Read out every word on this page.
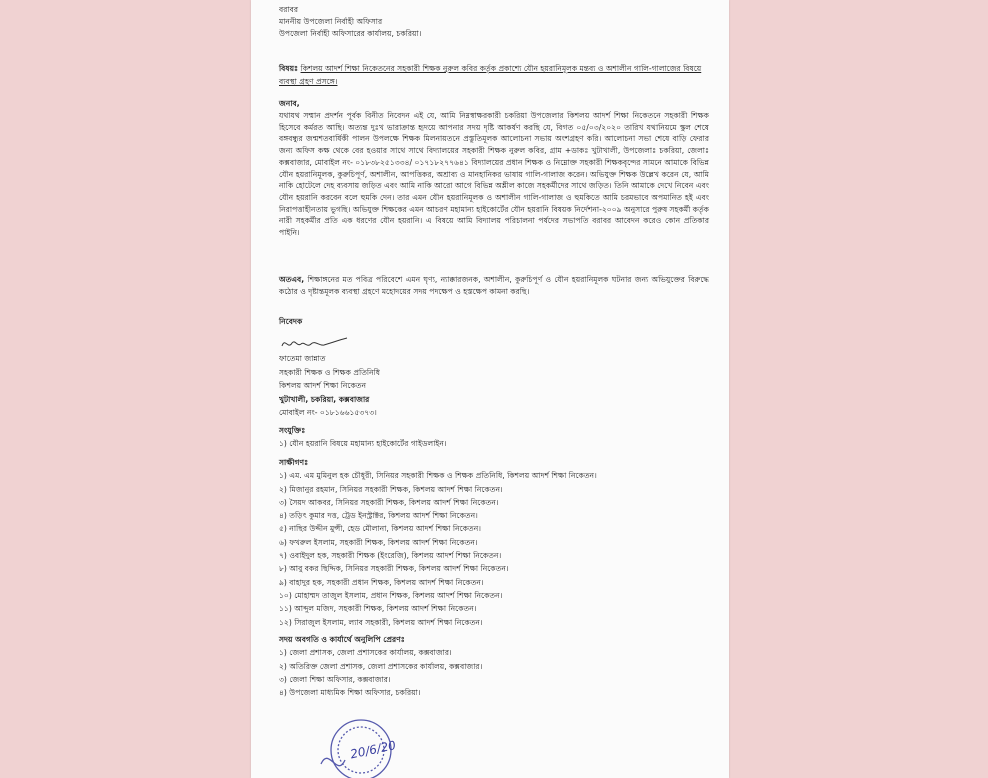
বরাবর
মাননীয় উপজেলা নির্বাহী অফিসার
উপজেলা নির্বাহী অফিসারের কার্যালয়, চকরিয়া।
বিষয়ঃ কিশলয় আদর্শ শিক্ষা নিকেতনের সহকারী শিক্ষক নুরুল কবির কর্তৃক প্রকাশ্যে যৌন হয়রানিমূলক মন্তব্য ও অশালীন গালি-গালাজের বিষয়ে ব্যবস্থা গ্রহণ প্রসঙ্গে।
জনাব,
যথাযথ সম্মান প্রদর্শন পূর্বক বিনীত নিবেদন এই যে, আমি নিম্নস্বাক্ষরকারী চকরিয়া উপজেলার কিশলয় আদর্শ শিক্ষা নিকেতনে সহকারী শিক্ষক হিসেবে কর্মরত আছি। অত্যন্ত দুঃখ ভারাক্রান্ত হৃদয়ে আপনার সদয় দৃষ্টি আকর্ষণ করছি যে, বিগত ০৫/০৩/২০২০ তারিখ যথানিয়মে স্কুল শেষে বঙ্গবন্ধুর জন্মশতবার্ষিকী পালন উপলক্ষে শিক্ষক মিলনায়তনে প্রস্তুতিমূলক আলোচনা সভায় অংশগ্রহণ করি। আলোচনা সভা শেষে বাড়ি ফেরার জন্য অফিস কক্ষ থেকে বের হওয়ার সাথে সাথে বিদ্যালয়ের সহকারী শিক্ষক নুরুল কবির, গ্রাম +ডাকঃ খুটাখালী, উপজেলাঃ চকরিয়া, জেলাঃ কক্সবাজার, মোবাইল নং- ০১৮৩৮২৫১৩৩৪/ ০১৭১৮২৭৭৬৪১ বিদ্যালয়ের প্রধান শিক্ষক ও নিম্নোক্ত সহকারী শিক্ষকবৃন্দের সামনে আমাকে বিভিন্ন যৌন হয়রানিমূলক, কুরুচিপূর্ণ, অশালীন, আপত্তিকর, অশ্রাব্য ও মানহানিকর ভাষায় গালি-গালাজ করেন। অভিযুক্ত শিক্ষক উল্লেখ করেন যে, আমি নাকি হোটেলে দেহ ব্যবসায় জড়িত এবং আমি নাকি আরো আগে বিভিন্ন অশ্লীল কাজে সহকর্মীদের সাথে জড়িত। তিনি আমাকে দেখে নিবেন এবং যৌন হয়রানি করবেন বলে হুমকি দেন। তার এমন যৌন হয়রানিমূলক ও অশালীন গালি-গালাজ ও হুমকিতে আমি চরমভাবে অপমানিত হই এবং নিরাপত্তাহীনতায় ভুগছি। অভিযুক্ত শিক্ষকের এমন আচরণ মহামান্য হাইকোর্টের যৌন হয়রানি বিষয়ক নির্দেশনা-২০০৯ অনুসারে পুরুষ সহকর্মী কর্তৃক নারী সহকর্মীর প্রতি এক ধরণের যৌন হয়রানি। এ বিষয়ে আমি বিদ্যালয় পরিচালনা পর্ষদের সভাপতি বরাবর আবেদন করেও কোন প্রতিকার পাইনি।
অতএব, শিক্ষাঙ্গনের মত পবিত্র পরিবেশে এমন ঘৃণ্য, ন্যাক্কারজনক, অশালীন, কুরুচিপূর্ণ ও যৌন হয়রানিমূলক ঘটনার জন্য অভিযুক্তের বিরুদ্ধে কঠোর ও দৃষ্টান্তমূলক ব্যবস্থা গ্রহণে মহোদয়ের সদয় পদক্ষেপ ও হস্তক্ষেপ কামনা করছি।
নিবেদক
ফাতেমা জান্নাত
সহকারী শিক্ষক ও শিক্ষক প্রতিনিধি
কিশলয় আদর্শ শিক্ষা নিকেতন
খুটাখালী, চকরিয়া, কক্সবাজার
মোবাইল নং- ০১৮১৬৬১৫৩৭৩।
সংযুক্তিঃ
১) যৌন হয়রানি বিষয়ে মহামান্য হাইকোর্টের গাইডলাইন।
সাক্ষীগণঃ
১) এম. এম মুমিনুল হক চৌধুরী, সিনিয়র সহকারী শিক্ষক ও শিক্ষক প্রতিনিধি, কিশলয় আদর্শ শিক্ষা নিকেতন।
২) মিজানুর রহমান, সিনিয়র সহকারী শিক্ষক, কিশলয় আদর্শ শিক্ষা নিকেতন।
৩) সৈয়দ আকবর, সিনিয়র সহকারী শিক্ষক, কিশলয় আদর্শ শিক্ষা নিকেতন।
৪) তড়িৎ কুমার দত্ত, ট্রেড ইনস্ট্রাক্টর, কিশলয় আদর্শ শিক্ষা নিকেতন।
৫) নাছির উদ্দীন মুন্সী, হেড মৌলানা, কিশলয় আদর্শ শিক্ষা নিকেতন।
৬) ফখরুল ইসলাম, সহকারী শিক্ষক, কিশলয় আদর্শ শিক্ষা নিকেতন।
৭) ওবাইদুল হক, সহকারী শিক্ষক (ইংরেজি), কিশলয় আদর্শ শিক্ষা নিকেতন।
৮) আবু বকর ছিদ্দিক, সিনিয়র সহকারী শিক্ষক, কিশলয় আদর্শ শিক্ষা নিকেতন।
৯) বাহাদুর হক, সহকারী প্রধান শিক্ষক, কিশলয় আদর্শ শিক্ষা নিকেতন।
১০) মোহাম্মদ তাজুল ইসলাম, প্রধান শিক্ষক, কিশলয় আদর্শ শিক্ষা নিকেতন।
১১) আব্দুল মজিদ, সহকারী শিক্ষক, কিশলয় আদর্শ শিক্ষা নিকেতন।
১২) সিরাজুল ইসলাম, ল্যাব সহকারী, কিশলয় আদর্শ শিক্ষা নিকেতন।
সদয় অবগতি ও কার্যার্থে অনুলিপি প্রেরণঃ
১) জেলা প্রশাসক, জেলা প্রশাসকের কার্যালয়, কক্সবাজার।
২) অতিরিক্ত জেলা প্রশাসক, জেলা প্রশাসকের কার্যালয়, কক্সবাজার।
৩) জেলা শিক্ষা অফিসার, কক্সবাজার।
৪) উপজেলা মাধ্যমিক শিক্ষা অফিসার, চকরিয়া।
20/6/20
